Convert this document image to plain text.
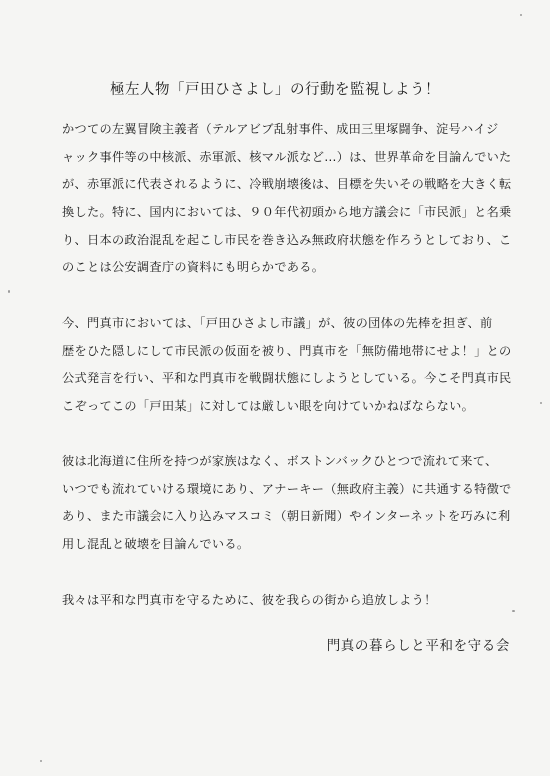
極左人物「戸田ひさよし」の行動を監視しよう！
かつての左翼冒険主義者（テルアビブ乱射事件、成田三里塚闘争、淀号ハイジ
ャック事件等の中核派、赤軍派、核マル派など…）は、世界革命を目論んでいた
が、赤軍派に代表されるように、冷戦崩壊後は、目標を失いその戦略を大きく転
換した。特に、国内においては、９０年代初頭から地方議会に「市民派」と名乗
り、日本の政治混乱を起こし市民を巻き込み無政府状態を作ろうとしており、こ
のことは公安調査庁の資料にも明らかである。
今、門真市においては、「戸田ひさよし市議」が、彼の団体の先棒を担ぎ、前
歴をひた隠しにして市民派の仮面を被り、門真市を「無防備地帯にせよ！」との
公式発言を行い、平和な門真市を戦闘状態にしようとしている。今こそ門真市民
こぞってこの「戸田某」に対しては厳しい眼を向けていかねばならない。
彼は北海道に住所を持つが家族はなく、ボストンバックひとつで流れて来て、
いつでも流れていける環境にあり、アナーキー（無政府主義）に共通する特徴で
あり、また市議会に入り込みマスコミ（朝日新聞）やインターネットを巧みに利
用し混乱と破壊を目論んでいる。
我々は平和な門真市を守るために、彼を我らの街から追放しよう！
門真の暮らしと平和を守る会
